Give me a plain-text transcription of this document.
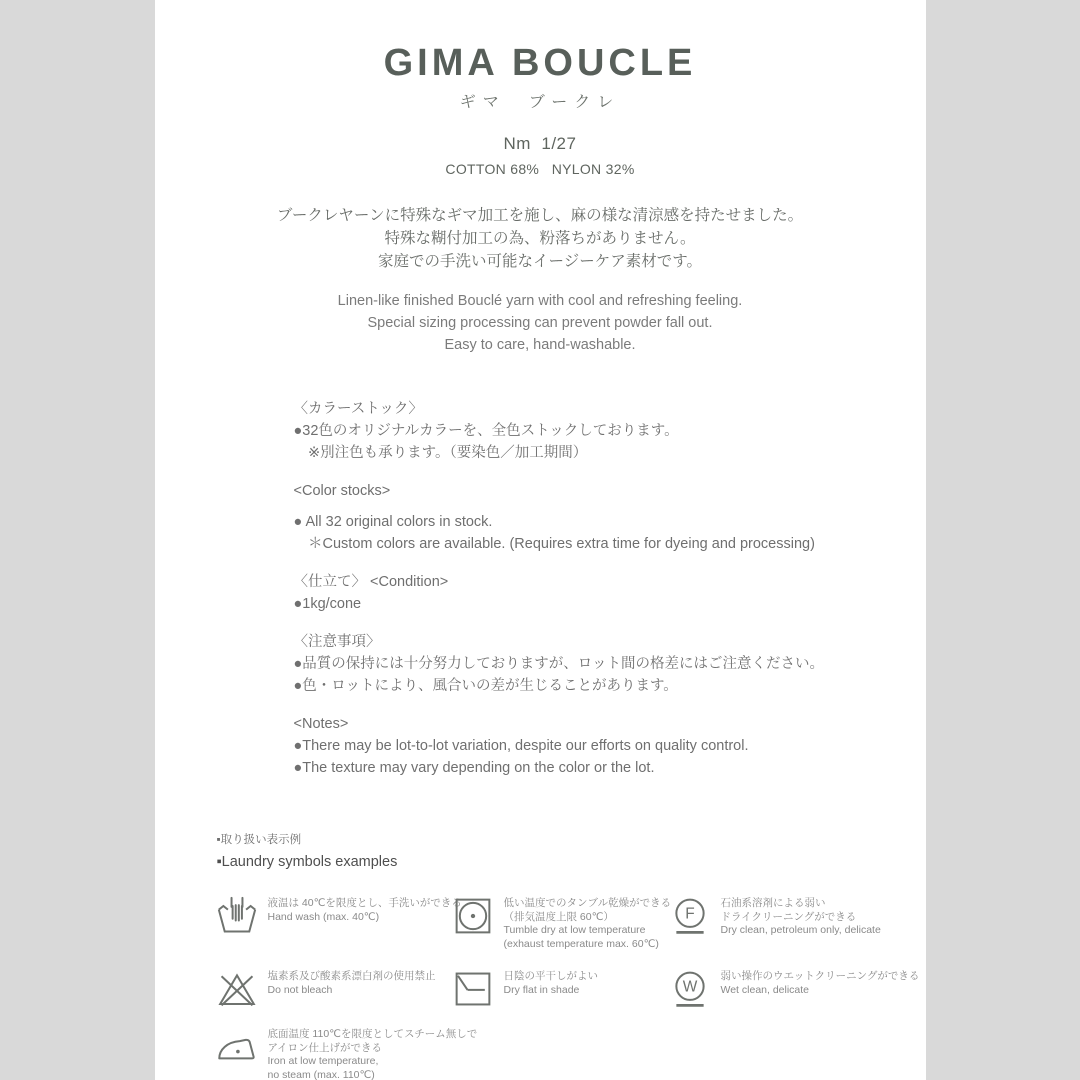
GIMA BOUCLE
ギマ　ブークレ
Nm  1/27
COTTON 68%   NYLON 32%
ブークレヤーンに特殊なギマ加工を施し、麻の様な清涼感を持たせました。
特殊な糊付加工の為、粉落ちがありません。
家庭での手洗い可能なイージーケア素材です。
Linen-like finished Bouclé yarn with cool and refreshing feeling.
Special sizing processing can prevent powder fall out.
Easy to care, hand-washable.
〈カラーストック〉
●32色のオリジナルカラーを、全色ストックしております。
　※別注色も承ります。（要染色／加工期間）
<Color stocks>
● All 32 original colors in stock.
　＊Custom colors are available. (Requires extra time for dyeing and processing)
〈仕立て〉 <Condition>
●1kg/cone
〈注意事項〉
●品質の保持には十分努力しておりますが、ロット間の格差にはご注意ください。
●色・ロットにより、風合いの差が生じることがあります。
<Notes>
●There may be lot-to-lot variation, despite our efforts on quality control.
●The texture may vary depending on the color or the lot.
▪取り扱い表示例
▪Laundry symbols examples
液温は 40℃を限度とし、手洗いができる
Hand wash (max. 40℃)
低い温度でのタンブル乾燥ができる
（排気温度上限 60℃）
Tumble dry at low temperature
(exhaust temperature max. 60℃)
F
石油系溶剤による弱い
ドライクリーニングができる
Dry clean, petroleum only, delicate
塩素系及び酸素系漂白剤の使用禁止
Do not bleach
日陰の平干しがよい
Dry flat in shade	W
弱い操作のウエットクリーニングができる
Wet clean, delicate
底面温度 110℃を限度としてスチーム無しで
アイロン仕上げができる
Iron at low temperature,
no steam (max. 110℃)
